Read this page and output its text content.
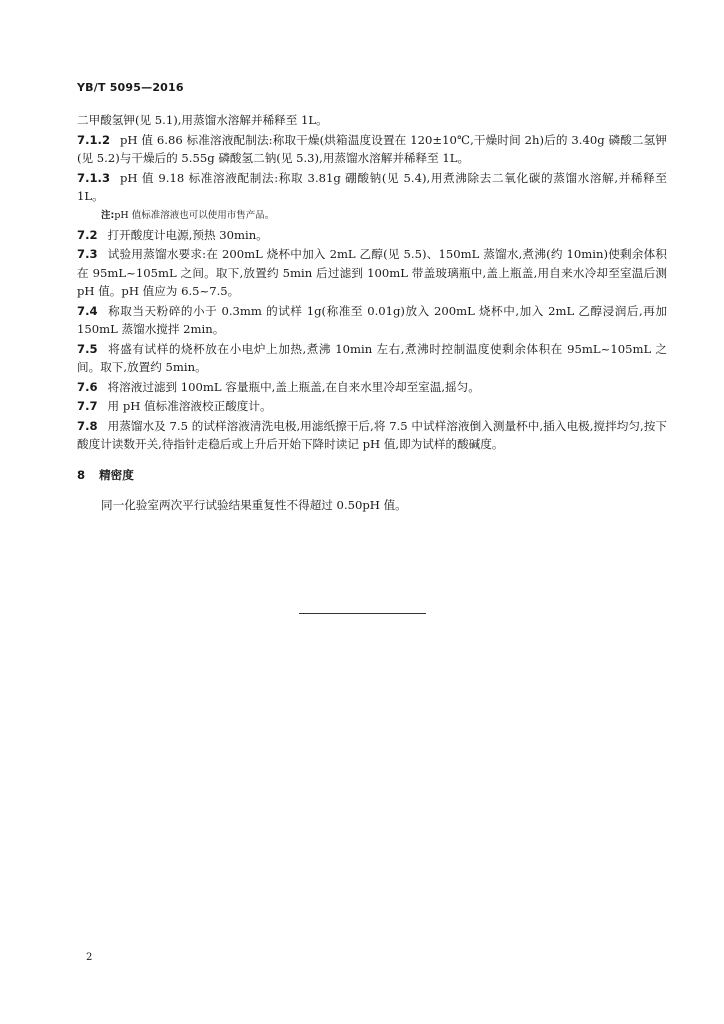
YB/T 5095—2016

二甲酸氢钾(见 5.1),用蒸馏水溶解并稀释至 1L。

7.1.2 pH 值 6.86 标准溶液配制法:称取干燥(烘箱温度设置在 120±10℃,干燥时间 2h)后的 3.40g 磷酸二氢钾(见 5.2)与干燥后的 5.55g 磷酸氢二钠(见 5.3),用蒸馏水溶解并稀释至 1L。

7.1.3 pH 值 9.18 标准溶液配制法:称取 3.81g 硼酸钠(见 5.4),用煮沸除去二氧化碳的蒸馏水溶解,并稀释至 1L。

注:pH 值标准溶液也可以使用市售产品。

7.2 打开酸度计电源,预热 30min。

7.3 试验用蒸馏水要求:在 200mL 烧杯中加入 2mL 乙醇(见 5.5)、150mL 蒸馏水,煮沸(约 10min)使剩余体积在 95mL~105mL 之间。取下,放置约 5min 后过滤到 100mL 带盖玻璃瓶中,盖上瓶盖,用自来水冷却至室温后测 pH 值。pH 值应为 6.5~7.5。

7.4 称取当天粉碎的小于 0.3mm 的试样 1g(称准至 0.01g)放入 200mL 烧杯中,加入 2mL 乙醇浸润后,再加 150mL 蒸馏水搅拌 2min。

7.5 将盛有试样的烧杯放在小电炉上加热,煮沸 10min 左右,煮沸时控制温度使剩余体积在 95mL~105mL 之间。取下,放置约 5min。

7.6 将溶液过滤到 100mL 容量瓶中,盖上瓶盖,在自来水里冷却至室温,摇匀。

7.7 用 pH 值标准溶液校正酸度计。

7.8 用蒸馏水及 7.5 的试样溶液清洗电极,用滤纸擦干后,将 7.5 中试样溶液倒入测量杯中,插入电极,搅拌均匀,按下酸度计读数开关,待指针走稳后或上升后开始下降时读记 pH 值,即为试样的酸碱度。

8 精密度

同一化验室两次平行试验结果重复性不得超过 0.50pH 值。

2
